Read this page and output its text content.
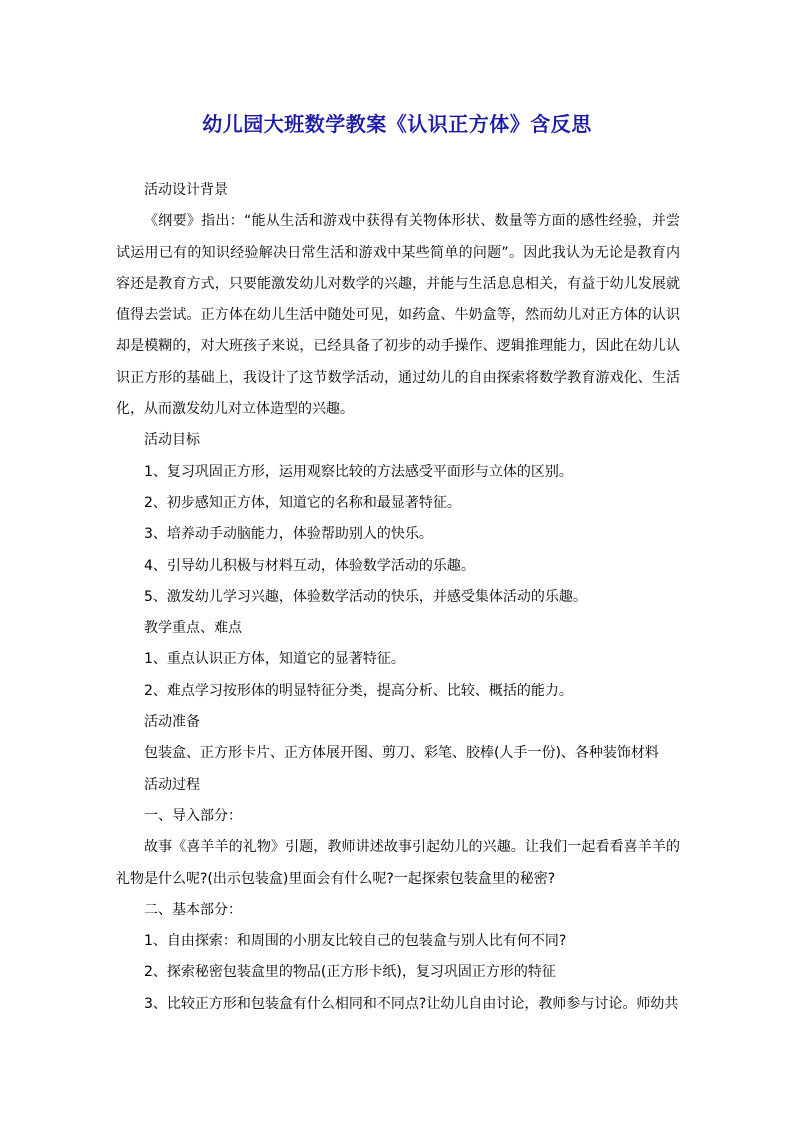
幼儿园大班数学教案《认识正方体》含反思

活动设计背景

《纲要》指出：“能从生活和游戏中获得有关物体形状、数量等方面的感性经验，并尝试运用已有的知识经验解决日常生活和游戏中某些简单的问题”。因此我认为无论是教育内容还是教育方式，只要能激发幼儿对数学的兴趣，并能与生活息息相关，有益于幼儿发展就值得去尝试。正方体在幼儿生活中随处可见，如药盒、牛奶盒等，然而幼儿对正方体的认识却是模糊的，对大班孩子来说，已经具备了初步的动手操作、逻辑推理能力，因此在幼儿认识正方形的基础上，我设计了这节数学活动，通过幼儿的自由探索将数学教育游戏化、生活化，从而激发幼儿对立体造型的兴趣。

活动目标

1、复习巩固正方形，运用观察比较的方法感受平面形与立体的区别。

2、初步感知正方体，知道它的名称和最显著特征。

3、培养动手动脑能力，体验帮助别人的快乐。

4、引导幼儿积极与材料互动，体验数学活动的乐趣。

5、激发幼儿学习兴趣，体验数学活动的快乐，并感受集体活动的乐趣。

教学重点、难点

1、重点认识正方体，知道它的显著特征。

2、难点学习按形体的明显特征分类，提高分析、比较、概括的能力。

活动准备

包装盒、正方形卡片、正方体展开图、剪刀、彩笔、胶棒(人手一份)、各种装饰材料

活动过程

一、导入部分：

故事《喜羊羊的礼物》引题，教师讲述故事引起幼儿的兴趣。让我们一起看看喜羊羊的礼物是什么呢?(出示包装盒)里面会有什么呢?一起探索包装盒里的秘密?

二、基本部分：

1、自由探索：和周围的小朋友比较自己的包装盒与别人比有何不同?

2、探索秘密包装盒里的物品(正方形卡纸)，复习巩固正方形的特征

3、比较正方形和包装盒有什么相同和不同点?让幼儿自由讨论，教师参与讨论。师幼共
